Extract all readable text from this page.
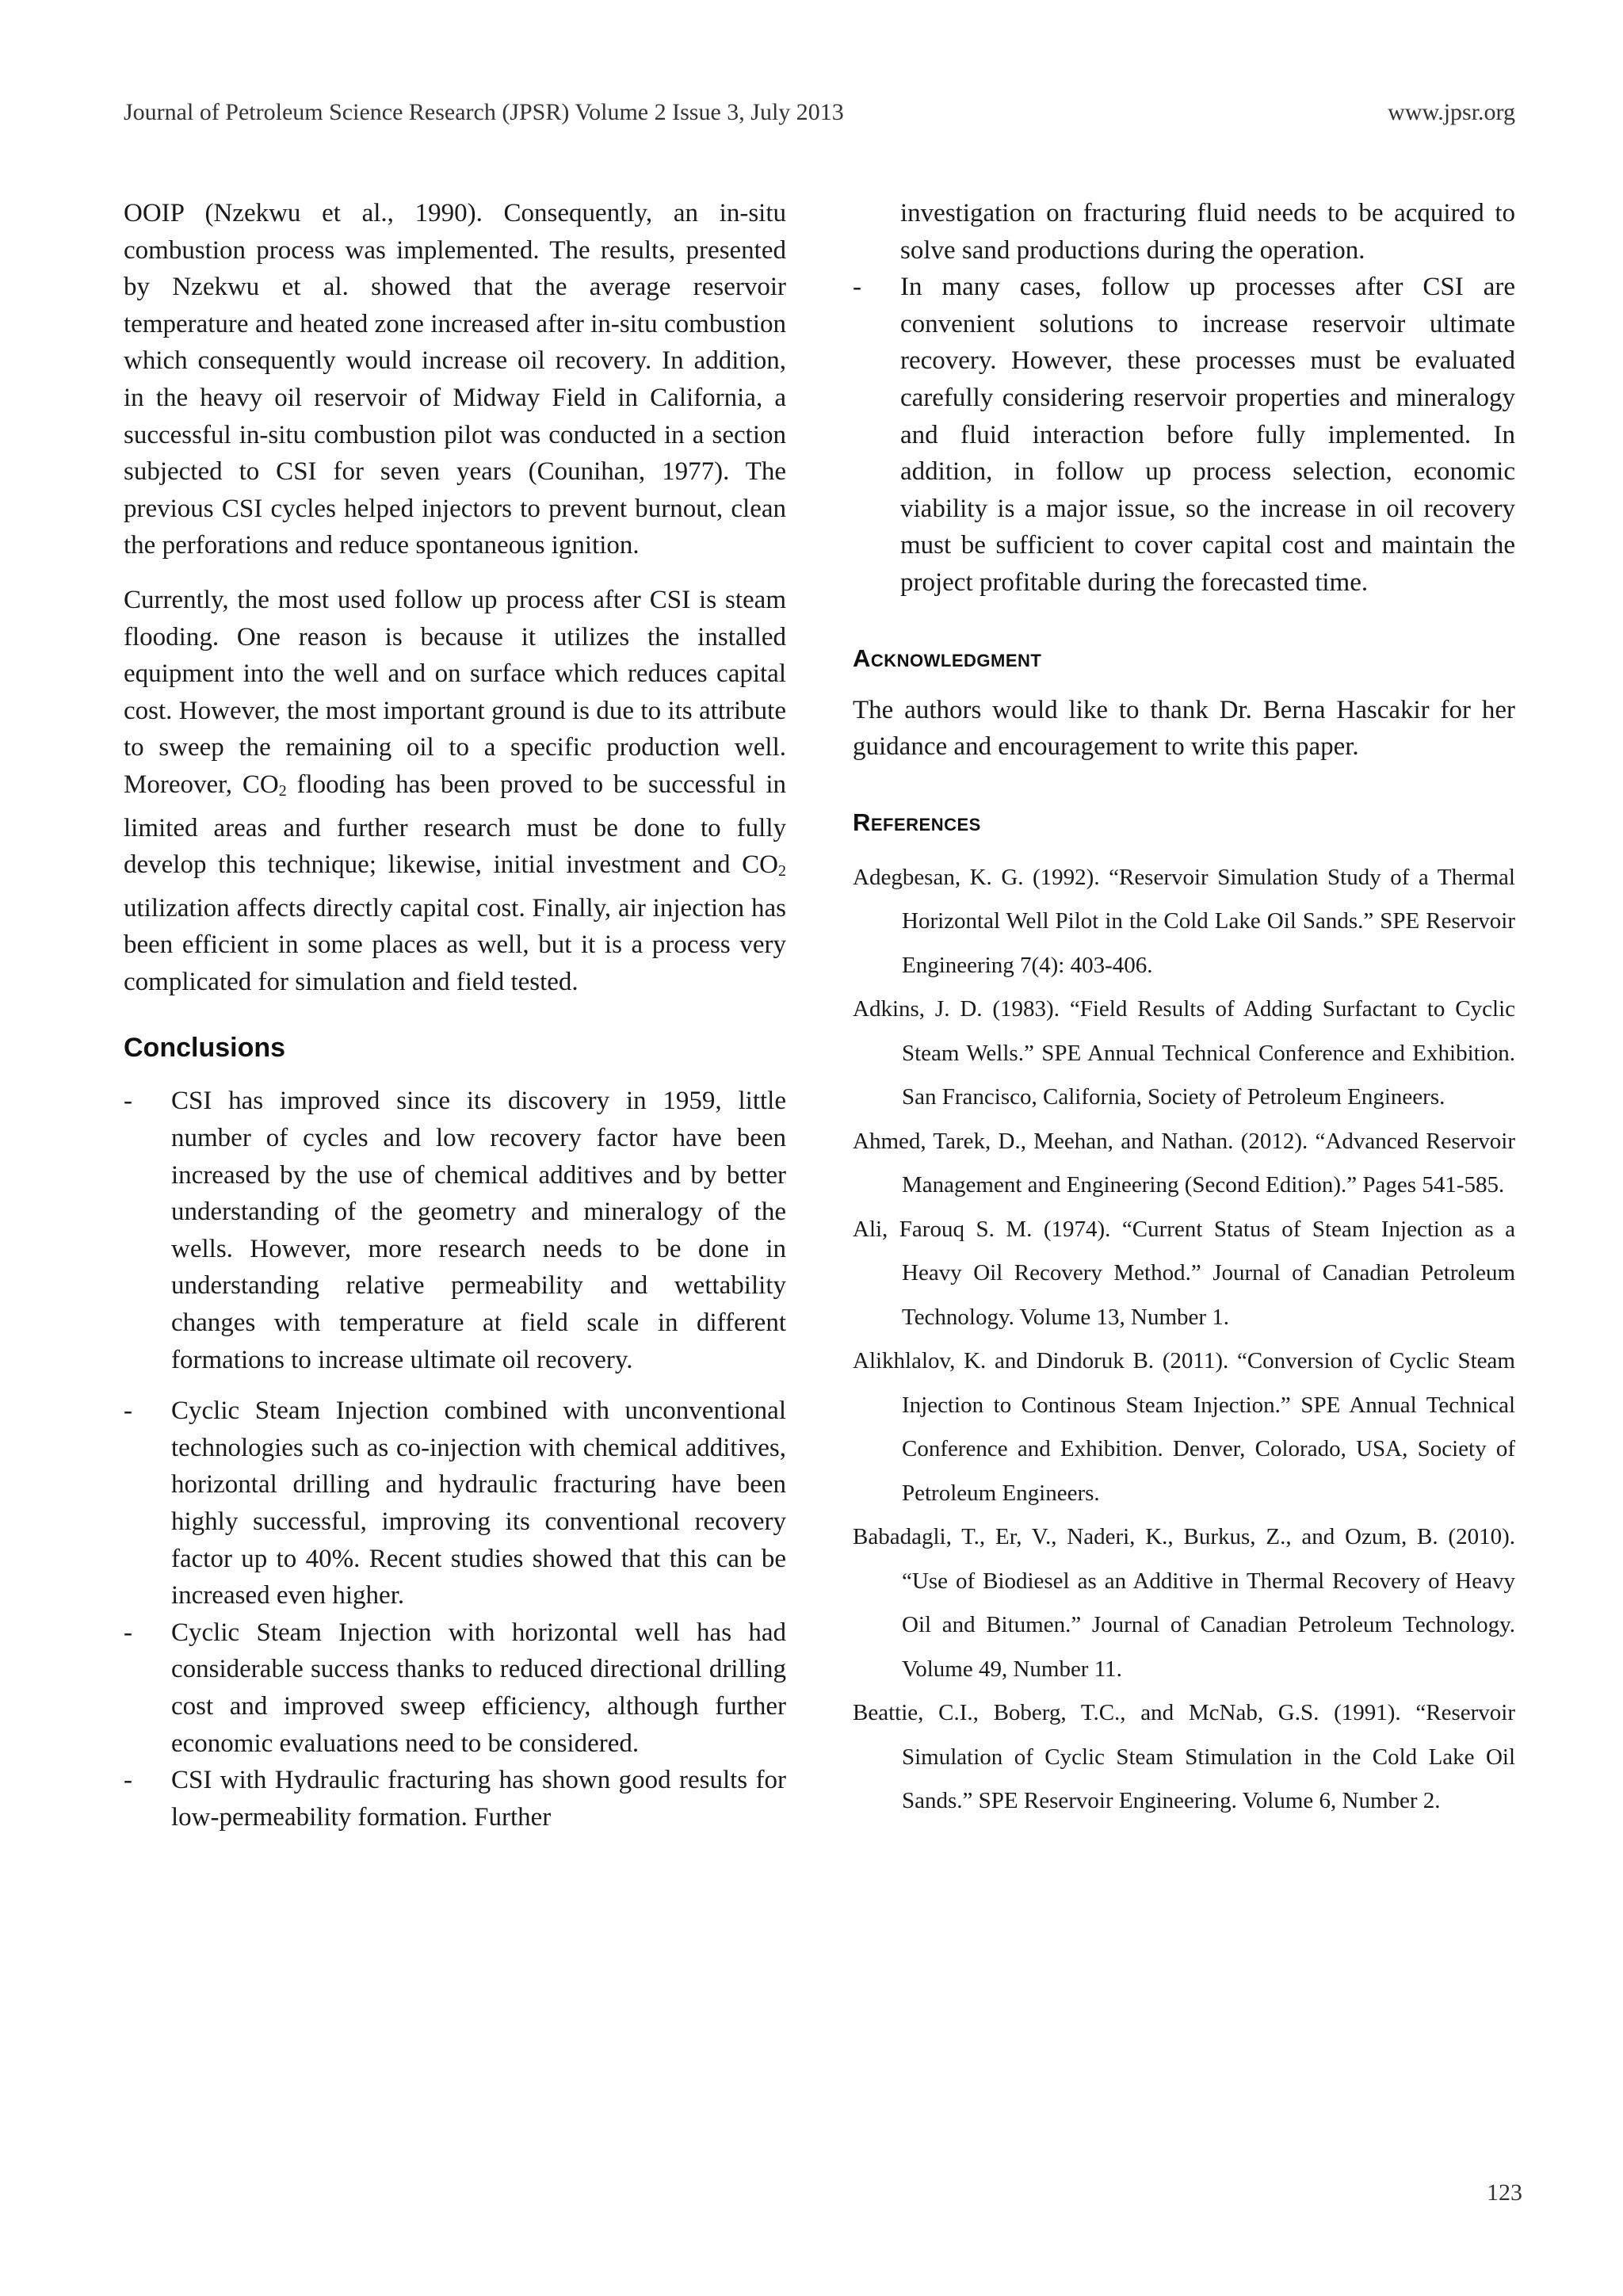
Journal of Petroleum Science Research (JPSR) Volume 2 Issue 3, July 2013	www.jpsr.org

OOIP (Nzekwu et al., 1990). Consequently, an in-situ combustion process was implemented. The results, presented by Nzekwu et al. showed that the average reservoir temperature and heated zone increased after in-situ combustion which consequently would increase oil recovery. In addition, in the heavy oil reservoir of Midway Field in California, a successful in-situ combustion pilot was conducted in a section subjected to CSI for seven years (Counihan, 1977). The previous CSI cycles helped injectors to prevent burnout, clean the perforations and reduce spontaneous ignition.

Currently, the most used follow up process after CSI is steam flooding. One reason is because it utilizes the installed equipment into the well and on surface which reduces capital cost. However, the most important ground is due to its attribute to sweep the remaining oil to a specific production well. Moreover, $CO_2$ flooding has been proved to be successful in limited areas and further research must be done to fully develop this technique; likewise, initial investment and $CO_2$ utilization affects directly capital cost. Finally, air injection has been efficient in some places as well, but it is a process very complicated for simulation and field tested.

Conclusions
- CSI has improved since its discovery in 1959, little number of cycles and low recovery factor have been increased by the use of chemical additives and by better understanding of the geometry and mineralogy of the wells. However, more research needs to be done in understanding relative permeability and wettability changes with temperature at field scale in different formations to increase ultimate oil recovery.
- Cyclic Steam Injection combined with unconventional technologies such as co-injection with chemical additives, horizontal drilling and hydraulic fracturing have been highly successful, improving its conventional recovery factor up to 40%. Recent studies showed that this can be increased even higher.
- Cyclic Steam Injection with horizontal well has had considerable success thanks to reduced directional drilling cost and improved sweep efficiency, although further economic evaluations need to be considered.
- CSI with Hydraulic fracturing has shown good results for low-permeability formation. Further
investigation on fracturing fluid needs to be acquired to solve sand productions during the operation.
- In many cases, follow up processes after CSI are convenient solutions to increase reservoir ultimate recovery. However, these processes must be evaluated carefully considering reservoir properties and mineralogy and fluid interaction before fully implemented. In addition, in follow up process selection, economic viability is a major issue, so the increase in oil recovery must be sufficient to cover capital cost and maintain the project profitable during the forecasted time.
Acknowledgment

The authors would like to thank Dr. Berna Hascakir for her guidance and encouragement to write this paper.

References

Adegbesan, K. G. (1992). “Reservoir Simulation Study of a Thermal Horizontal Well Pilot in the Cold Lake Oil Sands.” SPE Reservoir Engineering 7(4): 403-406.

Adkins, J. D. (1983). “Field Results of Adding Surfactant to Cyclic Steam Wells.” SPE Annual Technical Conference and Exhibition. San Francisco, California, Society of Petroleum Engineers.

Ahmed, Tarek, D., Meehan, and Nathan. (2012). “Advanced Reservoir Management and Engineering (Second Edition).” Pages 541-585.

Ali, Farouq S. M. (1974). “Current Status of Steam Injection as a Heavy Oil Recovery Method.” Journal of Canadian Petroleum Technology. Volume 13, Number 1.

Alikhlalov, K. and Dindoruk B. (2011). “Conversion of Cyclic Steam Injection to Continous Steam Injection.” SPE Annual Technical Conference and Exhibition. Denver, Colorado, USA, Society of Petroleum Engineers.

Babadagli, T., Er, V., Naderi, K., Burkus, Z., and Ozum, B. (2010). “Use of Biodiesel as an Additive in Thermal Recovery of Heavy Oil and Bitumen.” Journal of Canadian Petroleum Technology. Volume 49, Number 11.

Beattie, C.I., Boberg, T.C., and McNab, G.S. (1991). “Reservoir Simulation of Cyclic Steam Stimulation in the Cold Lake Oil Sands.” SPE Reservoir Engineering. Volume 6, Number 2.

123
